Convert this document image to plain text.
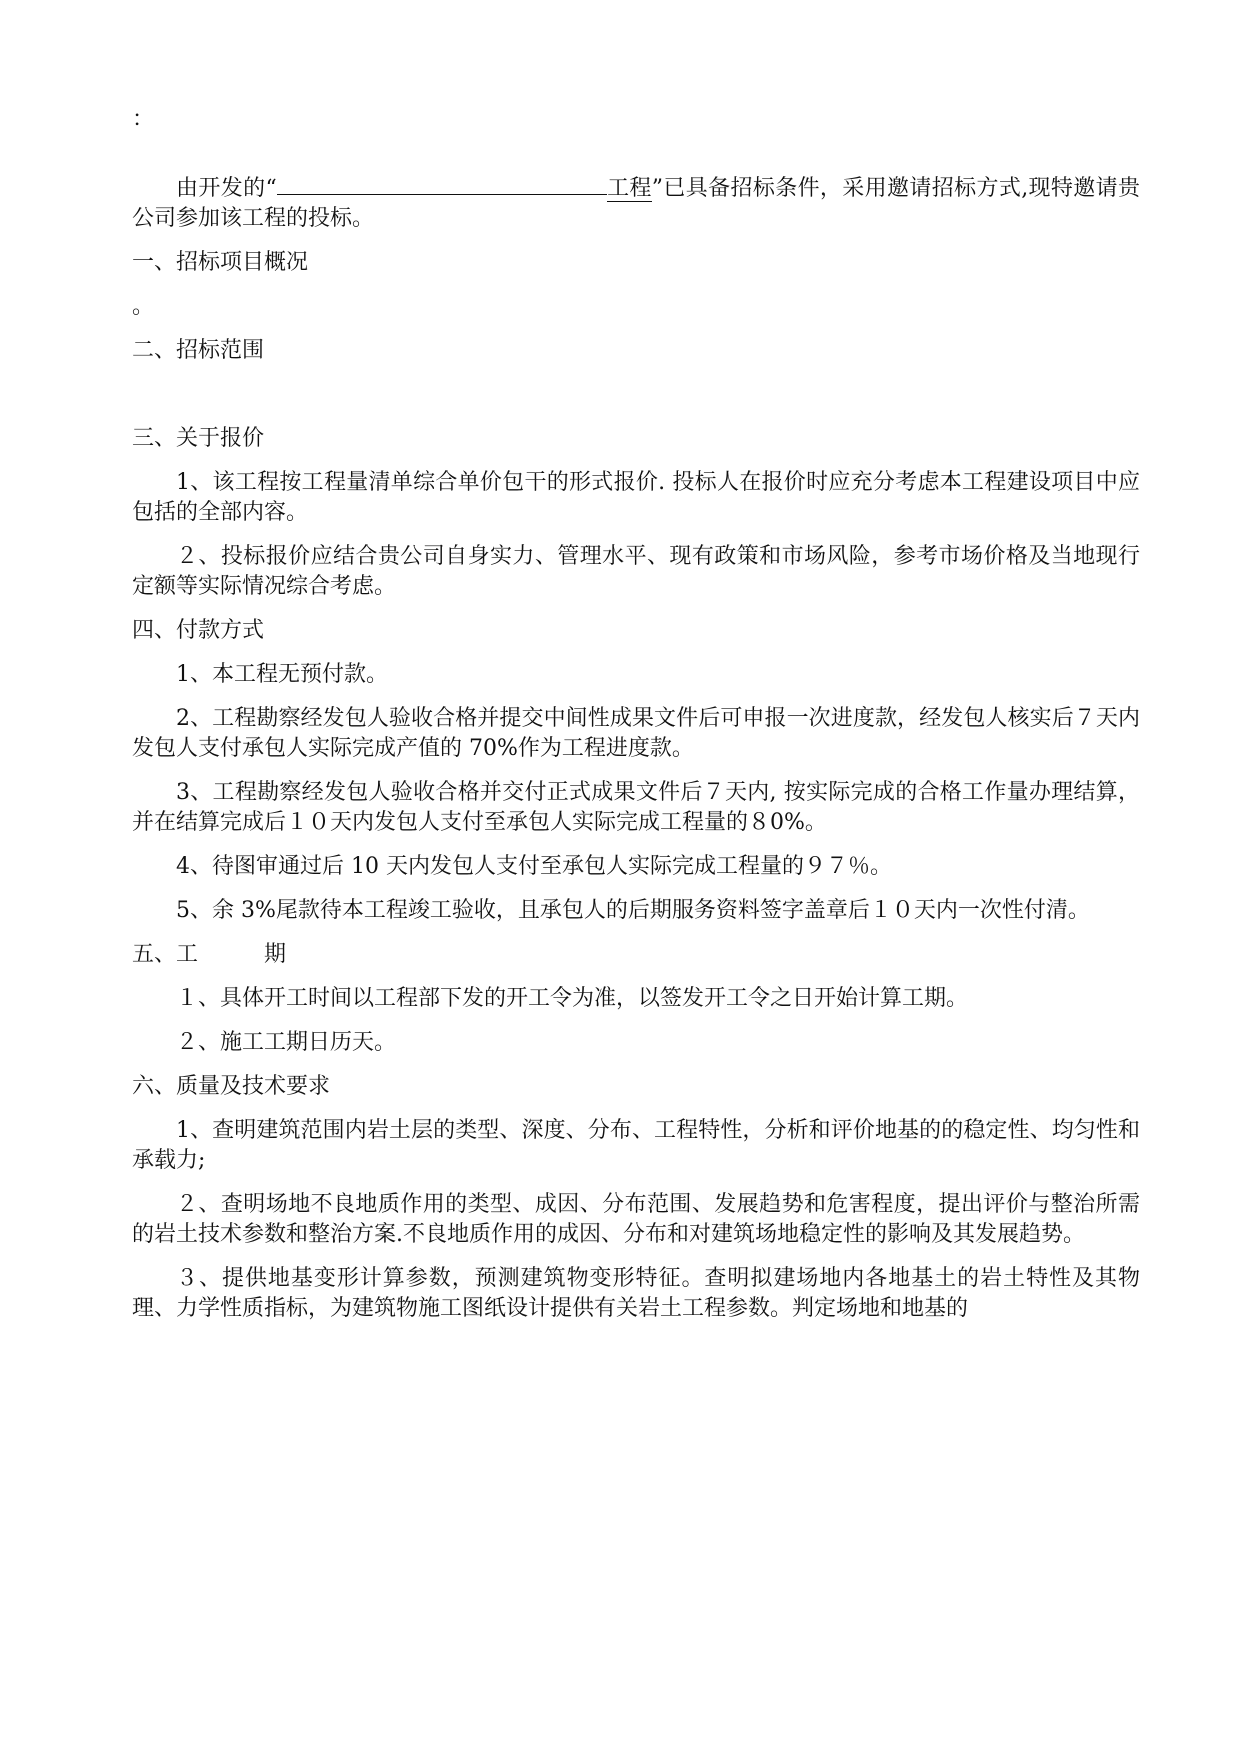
：

由开发的“	工程”已具备招标条件，采用邀请招标方式,现特邀请贵公司参加该工程的投标。

一、招标项目概况

。

二、招标范围
三、关于报价

1、该工程按工程量清单综合单价包干的形式报价. 投标人在报价时应充分考虑本工程建设项目中应包括的全部内容。

２、投标报价应结合贵公司自身实力、管理水平、现有政策和市场风险，参考市场价格及当地现行定额等实际情况综合考虑。

四、付款方式

1、本工程无预付款。

2、工程勘察经发包人验收合格并提交中间性成果文件后可申报一次进度款，经发包人核实后７天内发包人支付承包人实际完成产值的 70%作为工程进度款。

3、工程勘察经发包人验收合格并交付正式成果文件后７天内, 按实际完成的合格工作量办理结算，并在结算完成后１０天内发包人支付至承包人实际完成工程量的８0%。

4、待图审通过后 10 天内发包人支付至承包人实际完成工程量的９７％。

5、余 3%尾款待本工程竣工验收，且承包人的后期服务资料签字盖章后１０天内一次性付清。

五、工	期

１、具体开工时间以工程部下发的开工令为准，以签发开工令之日开始计算工期。

２、施工工期日历天。

六、质量及技术要求

1、查明建筑范围内岩土层的类型、深度、分布、工程特性，分析和评价地基的的稳定性、均匀性和承载力;

２、查明场地不良地质作用的类型、成因、分布范围、发展趋势和危害程度，提出评价与整治所需的岩土技术参数和整治方案.不良地质作用的成因、分布和对建筑场地稳定性的影响及其发展趋势。

３、提供地基变形计算参数，预测建筑物变形特征。查明拟建场地内各地基土的岩土特性及其物理、力学性质指标，为建筑物施工图纸设计提供有关岩土工程参数。判定场地和地基的
